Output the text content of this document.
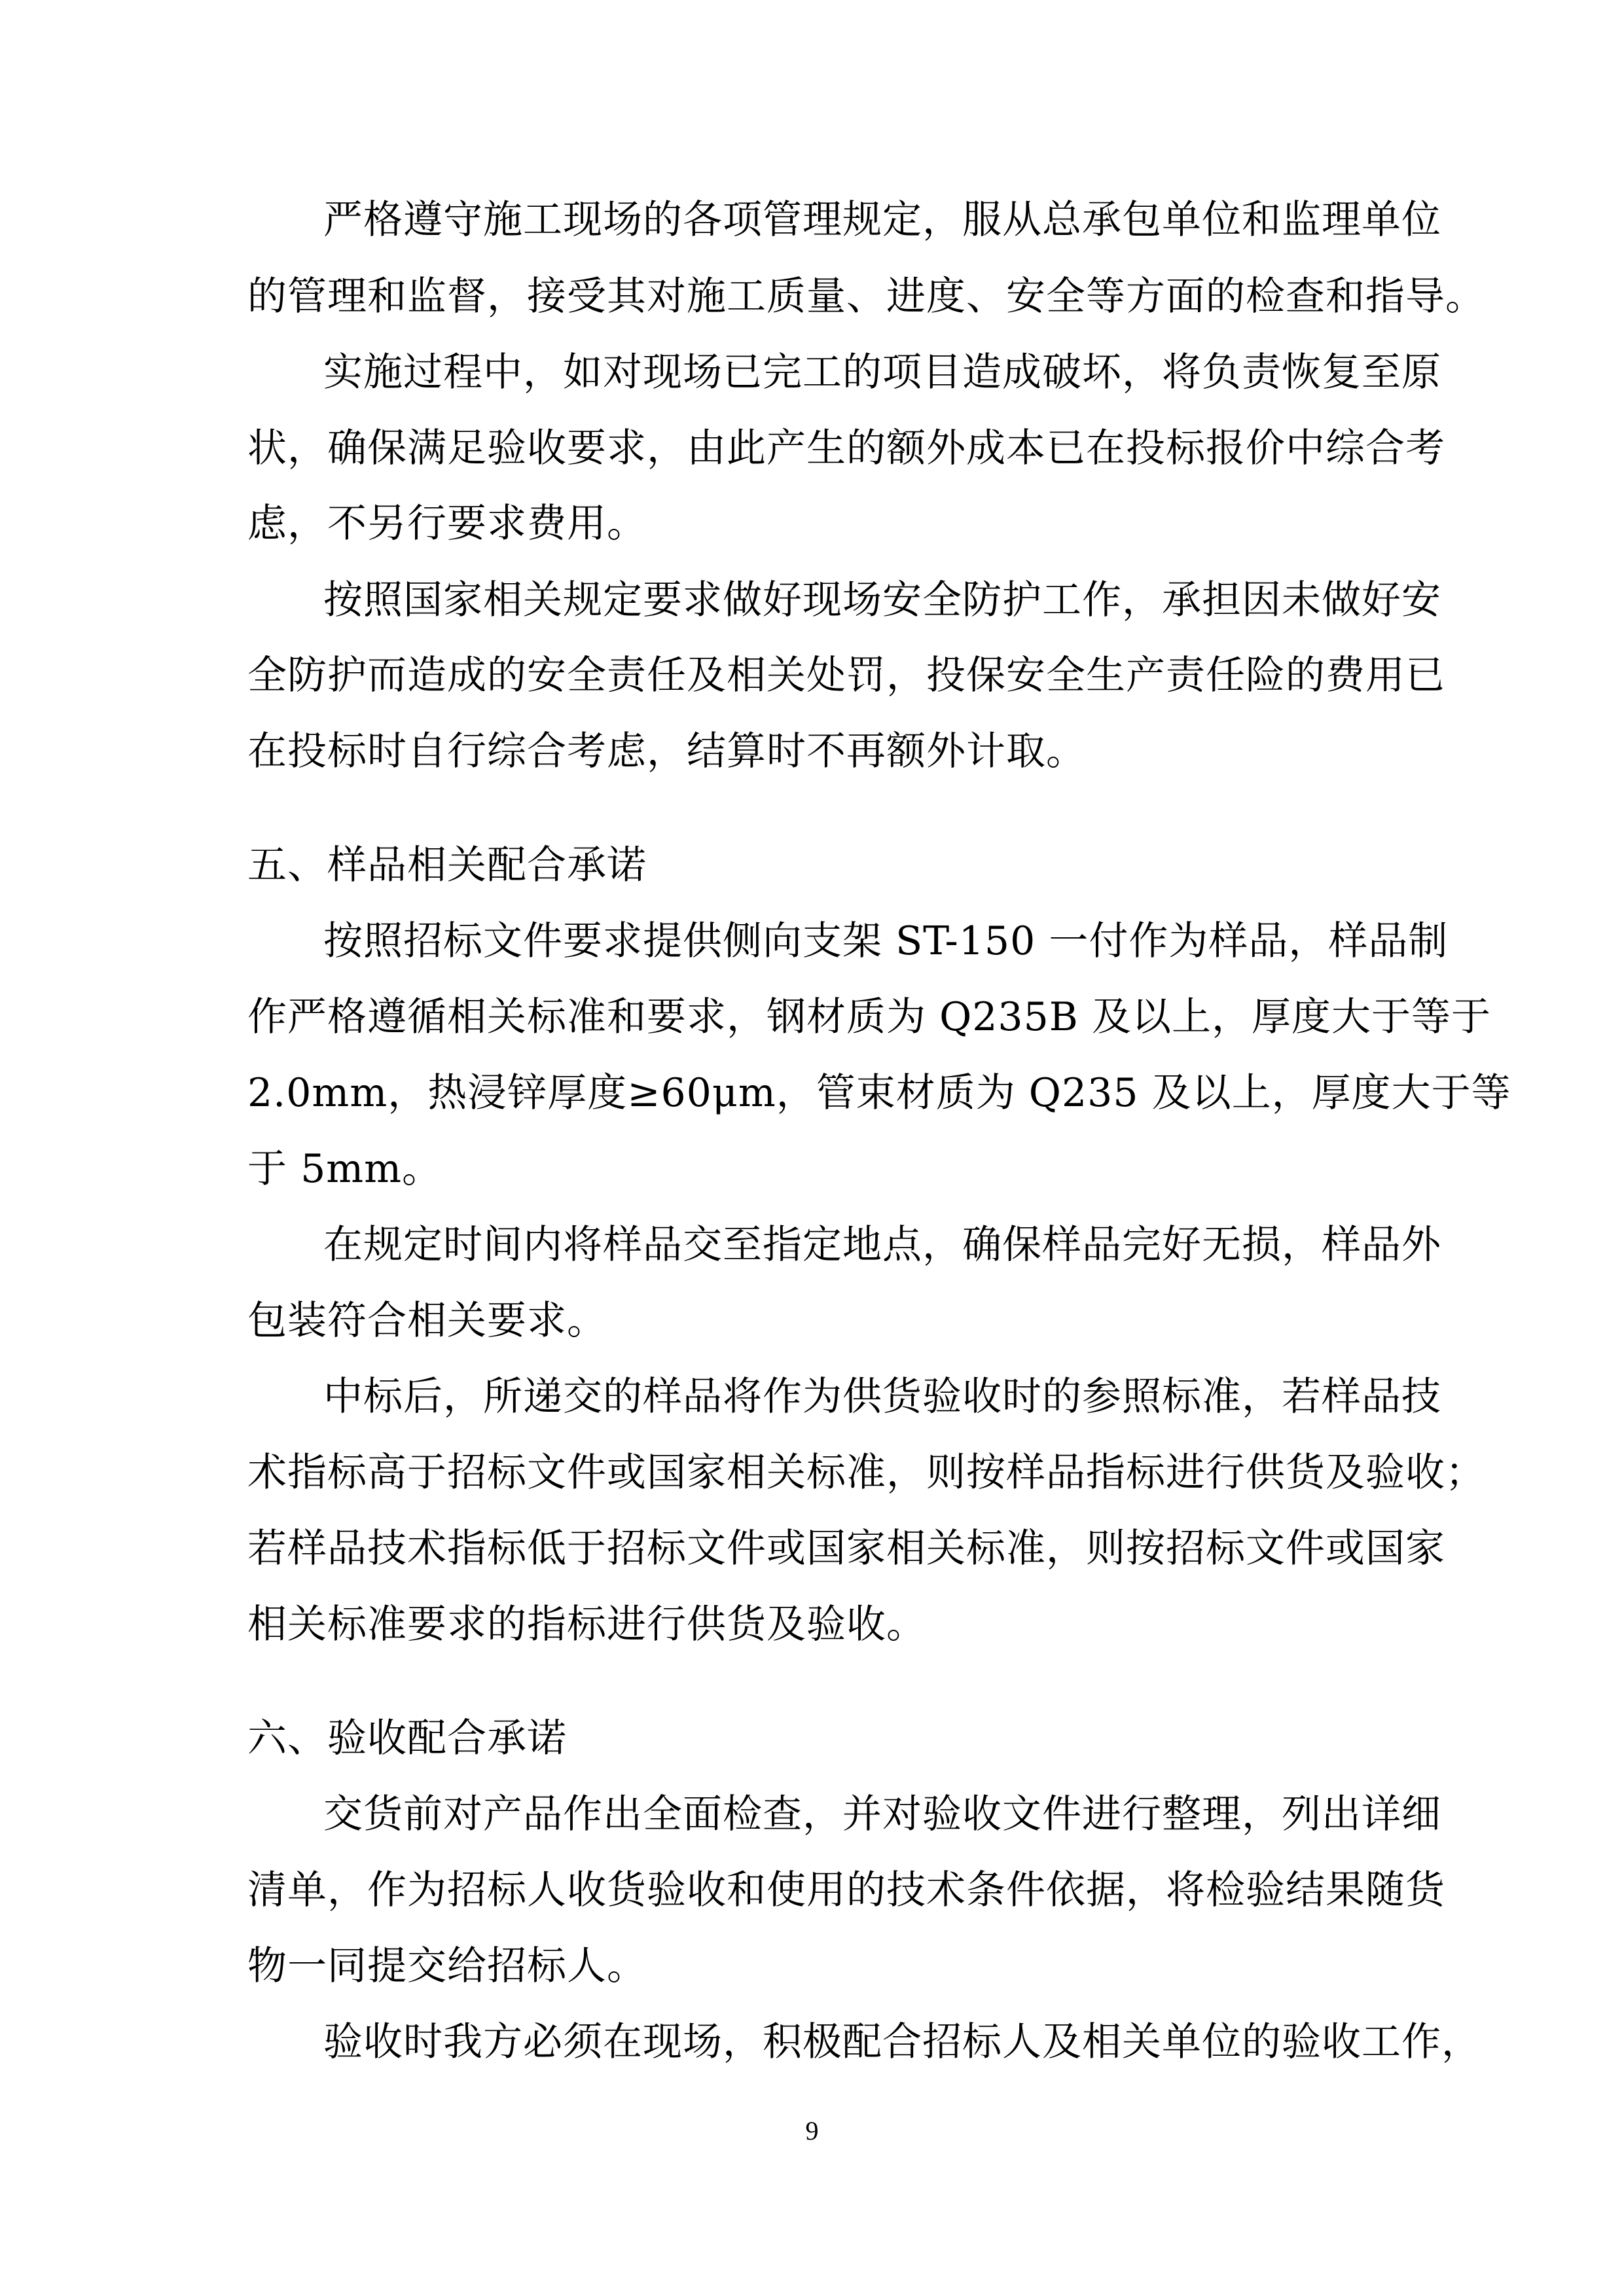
严格遵守施工现场的各项管理规定，服从总承包单位和监理单位
的管理和监督，接受其对施工质量、进度、安全等方面的检查和指导。
实施过程中，如对现场已完工的项目造成破坏，将负责恢复至原
状，确保满足验收要求，由此产生的额外成本已在投标报价中综合考
虑，不另行要求费用。
按照国家相关规定要求做好现场安全防护工作，承担因未做好安
全防护而造成的安全责任及相关处罚，投保安全生产责任险的费用已
在投标时自行综合考虑，结算时不再额外计取。
五、样品相关配合承诺
按照招标文件要求提供侧向支架 ST-150 一付作为样品，样品制
作严格遵循相关标准和要求，钢材质为 Q235B 及以上，厚度大于等于
2.0mm，热浸锌厚度≥60μm，管束材质为 Q235 及以上，厚度大于等
于 5mm。
在规定时间内将样品交至指定地点，确保样品完好无损，样品外
包装符合相关要求。
中标后，所递交的样品将作为供货验收时的参照标准，若样品技
术指标高于招标文件或国家相关标准，则按样品指标进行供货及验收；
若样品技术指标低于招标文件或国家相关标准，则按招标文件或国家
相关标准要求的指标进行供货及验收。
六、验收配合承诺
交货前对产品作出全面检查，并对验收文件进行整理，列出详细
清单，作为招标人收货验收和使用的技术条件依据，将检验结果随货
物一同提交给招标人。
验收时我方必须在现场，积极配合招标人及相关单位的验收工作，
9
